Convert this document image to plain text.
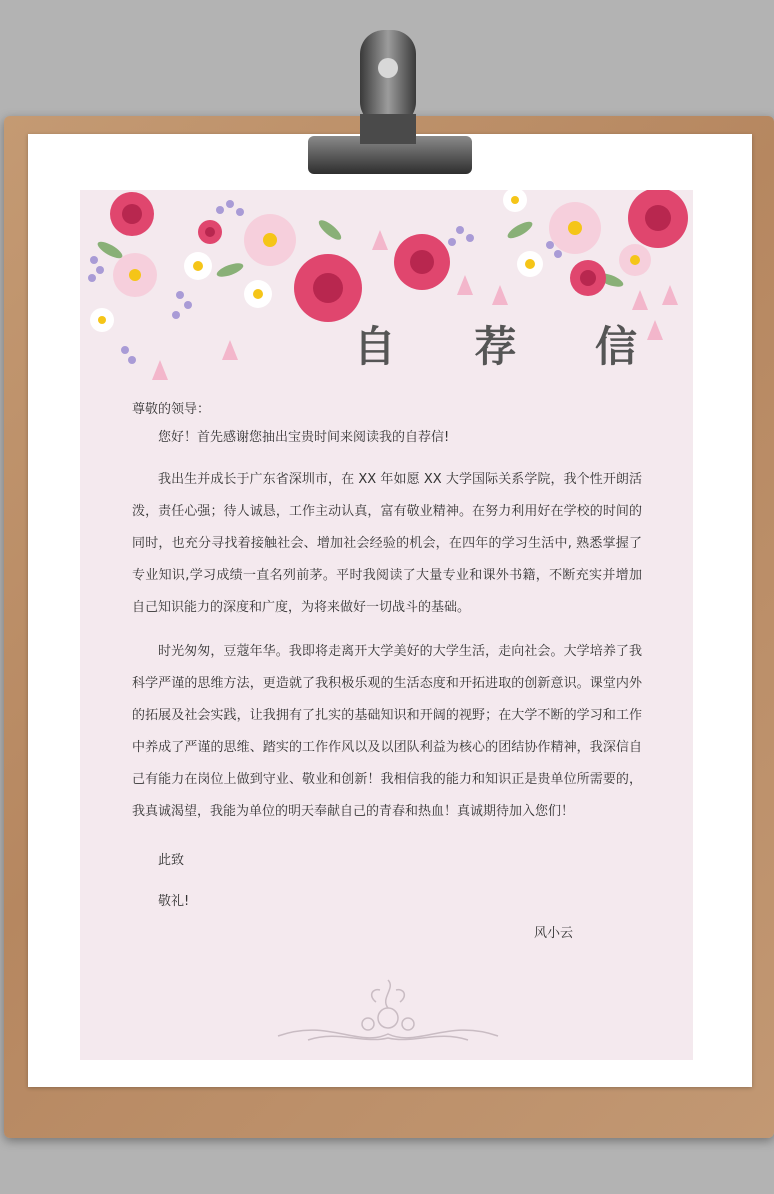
自 荐 信
尊敬的领导：
您好！首先感谢您抽出宝贵时间来阅读我的自荐信!
我出生并成长于广东省深圳市，在 XX 年如愿 XX 大学国际关系学院，我个性开朗活泼，责任心强；待人诚恳，工作主动认真，富有敬业精神。在努力利用好在学校的时间的同时，也充分寻找着接触社会、增加社会经验的机会，在四年的学习生活中, 熟悉掌握了专业知识,学习成绩一直名列前茅。平时我阅读了大量专业和课外书籍，不断充实并增加自己知识能力的深度和广度，为将来做好一切战斗的基础。
时光匆匆，豆蔻年华。我即将走离开大学美好的大学生活，走向社会。大学培养了我科学严谨的思维方法，更造就了我积极乐观的生活态度和开拓进取的创新意识。课堂内外的拓展及社会实践，让我拥有了扎实的基础知识和开阔的视野；在大学不断的学习和工作中养成了严谨的思维、踏实的工作作风以及以团队利益为核心的团结协作精神，我深信自己有能力在岗位上做到守业、敬业和创新！我相信我的能力和知识正是贵单位所需要的，我真诚渴望，我能为单位的明天奉献自己的青春和热血！真诚期待加入您们！
此致
敬礼!
风小云
